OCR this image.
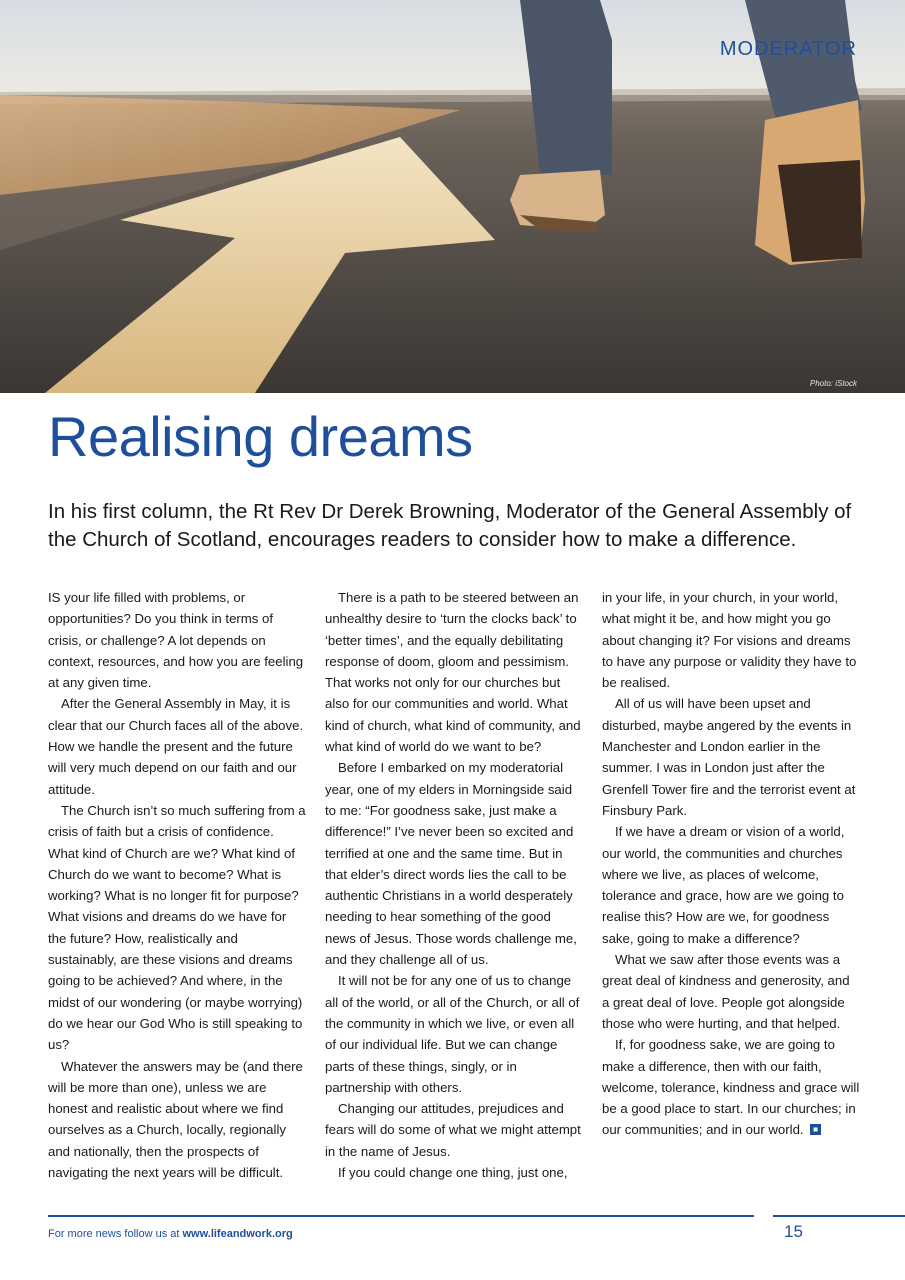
MODERATOR
Photo: iStock
Realising dreams

In his first column, the Rt Rev Dr Derek Browning, Moderator of the General Assembly of the Church of Scotland, encourages readers to consider how to make a difference.

IS your life filled with problems, or opportunities? Do you think in terms of crisis, or challenge? A lot depends on context, resources, and how you are feeling at any given time.

After the General Assembly in May, it is clear that our Church faces all of the above. How we handle the present and the future will very much depend on our faith and our attitude.

The Church isn’t so much suffering from a crisis of faith but a crisis of confidence. What kind of Church are we? What kind of Church do we want to become? What is working? What is no longer fit for purpose? What visions and dreams do we have for the future? How, realistically and sustainably, are these visions and dreams going to be achieved? And where, in the midst of our wondering (or maybe worrying) do we hear our God Who is still speaking to us?

Whatever the answers may be (and there will be more than one), unless we are honest and realistic about where we find ourselves as a Church, locally, regionally and nationally, then the prospects of navigating the next years will be difficult.

There is a path to be steered between an unhealthy desire to ‘turn the clocks back’ to ‘better times’, and the equally debilitating response of doom, gloom and pessimism. That works not only for our churches but also for our communities and world. What kind of church, what kind of community, and what kind of world do we want to be?

Before I embarked on my moderatorial year, one of my elders in Morningside said to me: “For goodness sake, just make a difference!” I’ve never been so excited and terrified at one and the same time. But in that elder’s direct words lies the call to be authentic Christians in a world desperately needing to hear something of the good news of Jesus. Those words challenge me, and they challenge all of us.

It will not be for any one of us to change all of the world, or all of the Church, or all of the community in which we live, or even all of our individual life. But we can change parts of these things, singly, or in partnership with others.

Changing our attitudes, prejudices and fears will do some of what we might attempt in the name of Jesus.

If you could change one thing, just one,

in your life, in your church, in your world, what might it be, and how might you go about changing it? For visions and dreams to have any purpose or validity they have to be realised.

All of us will have been upset and disturbed, maybe angered by the events in Manchester and London earlier in the summer. I was in London just after the Grenfell Tower fire and the terrorist event at Finsbury Park.

If we have a dream or vision of a world, our world, the communities and churches where we live, as places of welcome, tolerance and grace, how are we going to realise this? How are we, for goodness sake, going to make a difference?

What we saw after those events was a great deal of kindness and generosity, and a great deal of love. People got alongside those who were hurting, and that helped.

If, for goodness sake, we are going to make a difference, then with our faith, welcome, tolerance, kindness and grace will be a good place to start. In our churches; in our communities; and in our world.

For more news follow us at www.lifeandwork.org	15
